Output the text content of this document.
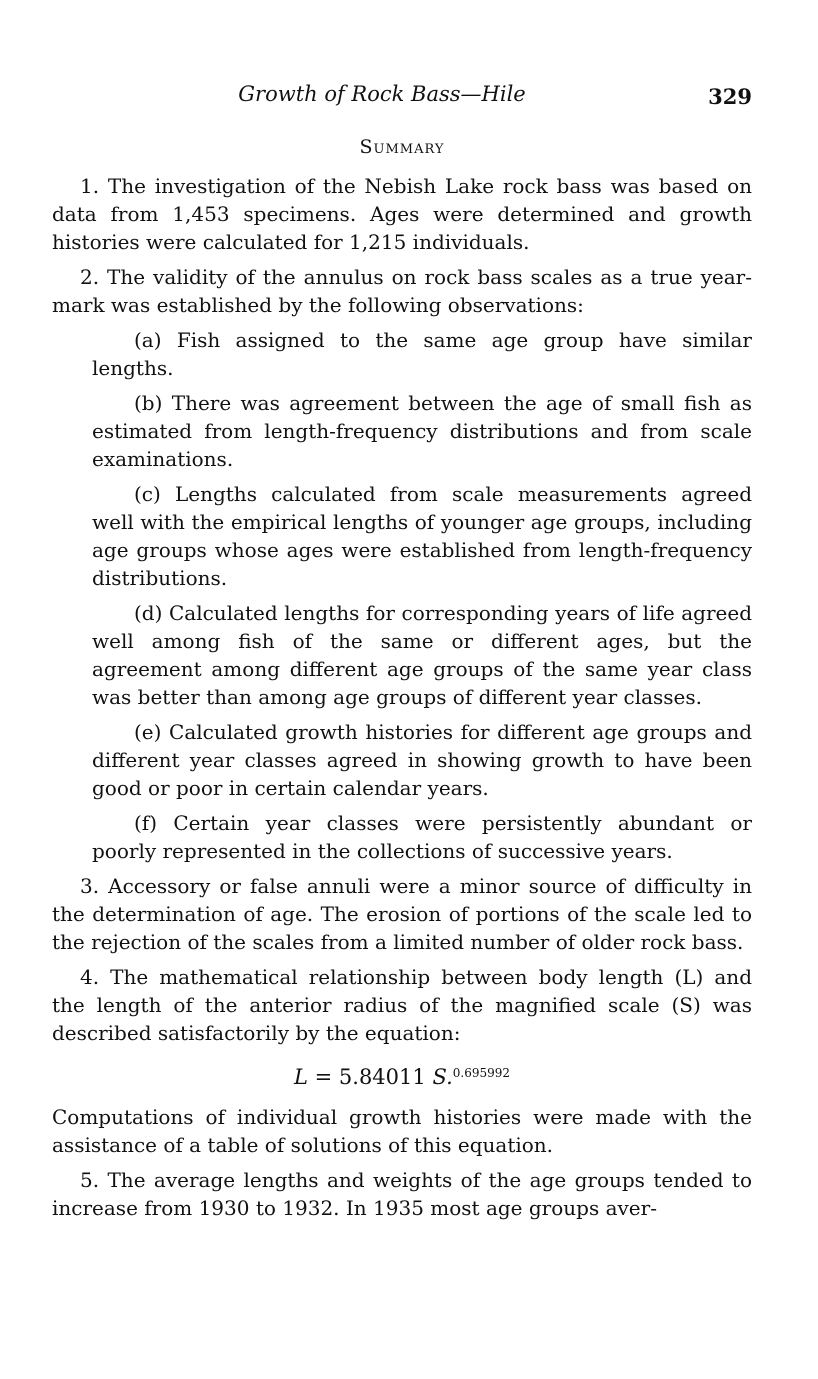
Growth of Rock Bass—Hile	329
Summary

1. The investigation of the Nebish Lake rock bass was based on data from 1,453 specimens. Ages were determined and growth histories were calculated for 1,215 individuals.

2. The validity of the annulus on rock bass scales as a true year-mark was established by the following observations:

(a) Fish assigned to the same age group have similar lengths.

(b) There was agreement between the age of small fish as estimated from length-frequency distributions and from scale examinations.

(c) Lengths calculated from scale measurements agreed well with the empirical lengths of younger age groups, including age groups whose ages were established from length-frequency distributions.

(d) Calculated lengths for corresponding years of life agreed well among fish of the same or different ages, but the agreement among different age groups of the same year class was better than among age groups of different year classes.

(e) Calculated growth histories for different age groups and different year classes agreed in showing growth to have been good or poor in certain calendar years.

(f) Certain year classes were persistently abundant or poorly represented in the collections of successive years.

3. Accessory or false annuli were a minor source of difficulty in the determination of age. The erosion of portions of the scale led to the rejection of the scales from a limited number of older rock bass.

4. The mathematical relationship between body length (L) and the length of the anterior radius of the magnified scale (S) was described satisfactorily by the equation:

L = 5.84011 S.$^{0.695992}$

Computations of individual growth histories were made with the assistance of a table of solutions of this equation.

5. The average lengths and weights of the age groups tended to increase from 1930 to 1932. In 1935 most age groups aver-
